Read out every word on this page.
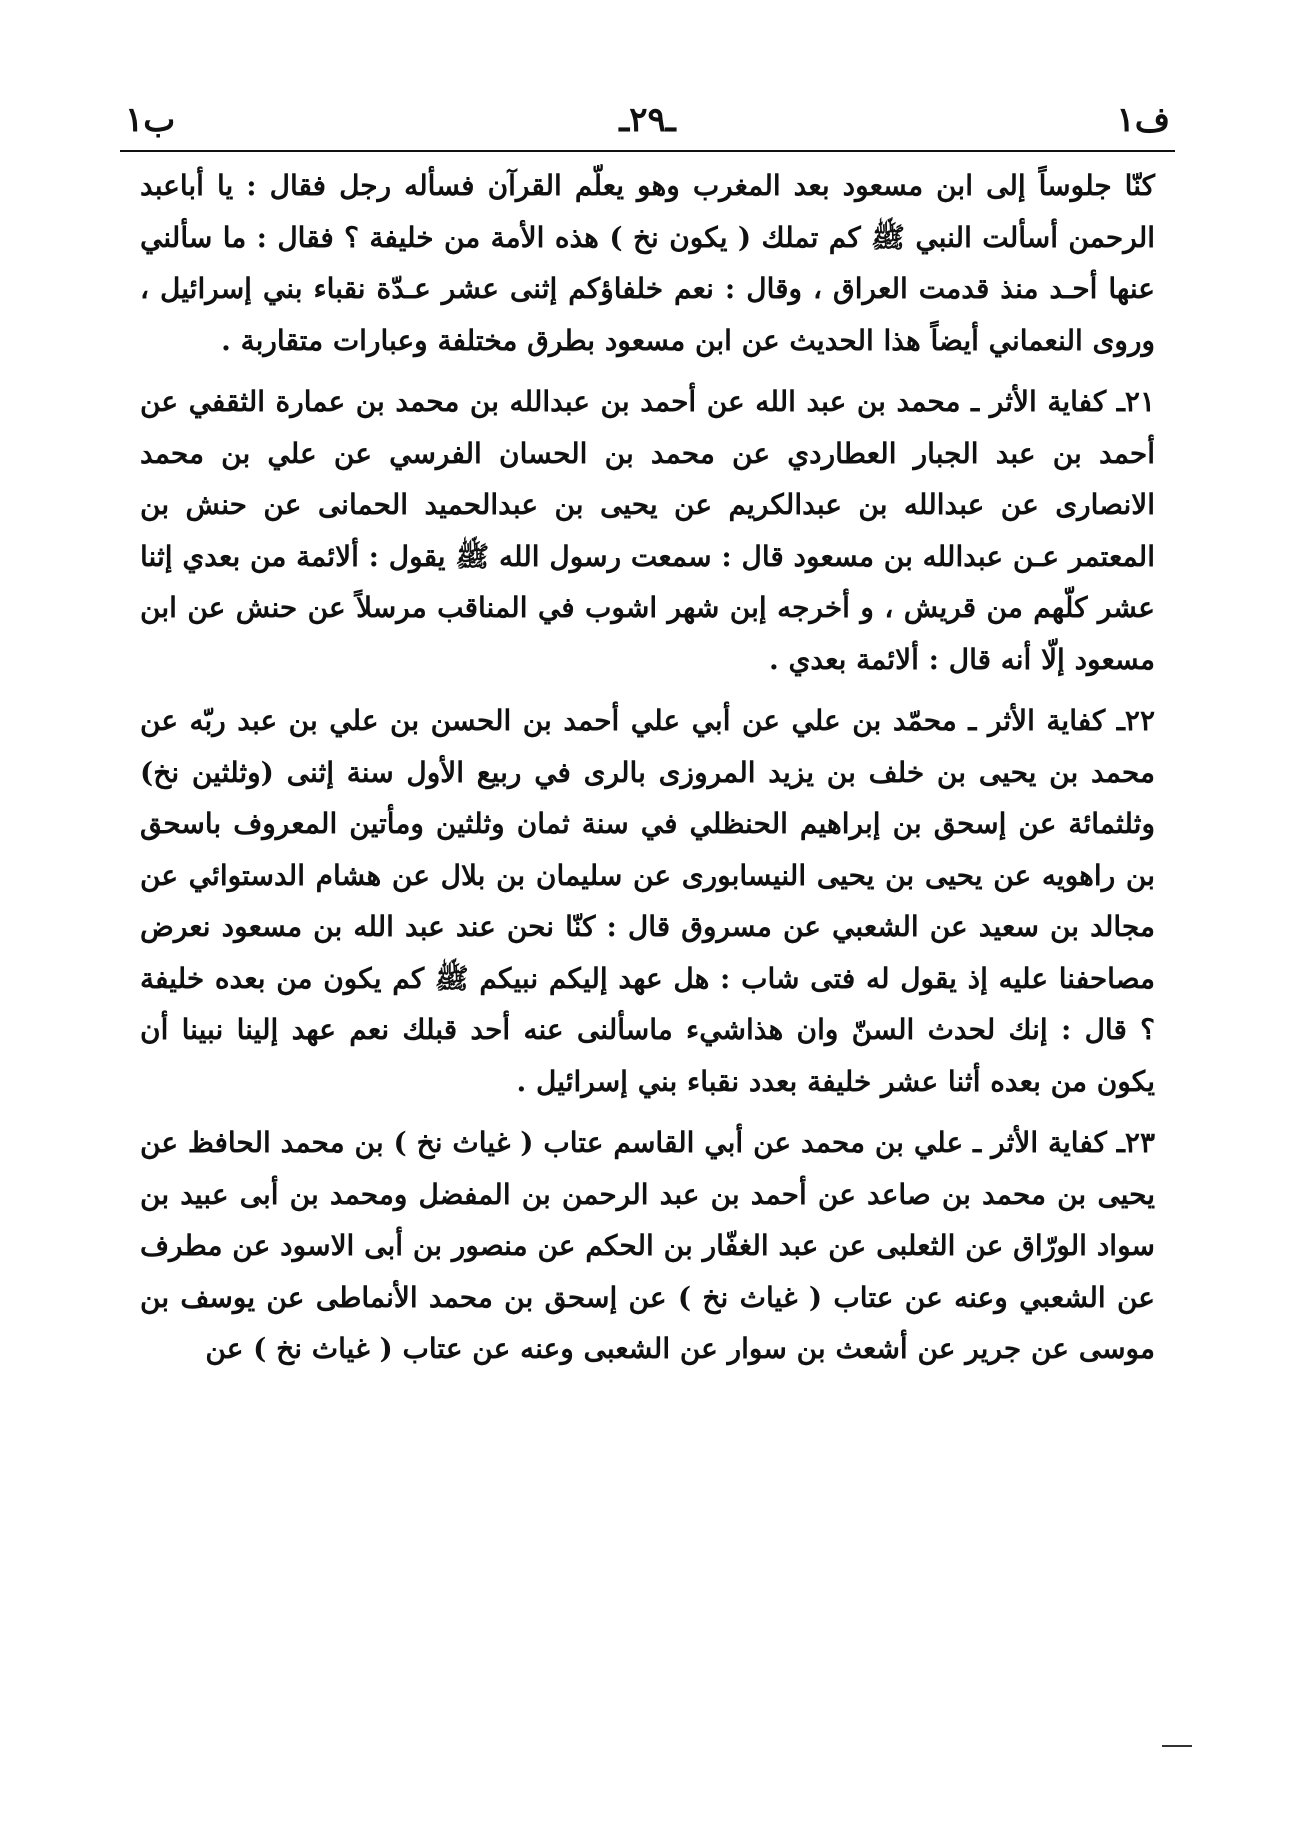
ـ٢٩ـ	ف١
ب١

كنّا جلوساً إلى ابن مسعود بعد المغرب وهو يعلّم القرآن فسأله رجل فقال : يا أباعبد الرحمن أسألت النبي ﷺ كم تملك ( يكون نخ ) هذه الأمة من خليفة ؟ فقال : ما سألني عنها أحـد منذ قدمت العراق ، وقال : نعم خلفاؤكم إثنى عشر عـدّة نقباء بني إسرائيل ، وروى النعماني أيضاً هذا الحديث عن ابن مسعود بطرق مختلفة وعبارات متقاربة .

٢١ـ كفاية الأثر ـ محمد بن عبد الله عن أحمد بن عبدالله بن محمد بن عمارة الثقفي عن أحمد بن عبد الجبار العطاردي عن محمد بن الحسان الفرسي عن علي بن محمد الانصارى عن عبدالله بن عبدالكريم عن يحيى بن عبدالحميد الحمانى عن حنش بن المعتمر عـن عبدالله بن مسعود قال : سمعت رسول الله ﷺ يقول : ألائمة من بعدي إثنا عشر كلّهم من قريش ، و أخرجه إبن شهر اشوب في المناقب مرسلاً عن حنش عن ابن مسعود إلّا أنه قال : ألائمة بعدي .

٢٢ـ كفاية الأثر ـ محمّد بن علي عن أبي علي أحمد بن الحسن بن علي بن عبد ربّه عن محمد بن يحيى بن خلف بن يزيد المروزى بالرى في ربيع الأول سنة إثنى (وثلثين نخ) وثلثمائة عن إسحق بن إبراهيم الحنظلي في سنة ثمان وثلثين ومأتين المعروف باسحق بن راهويه عن يحيى بن يحيى النيسابورى عن سليمان بن بلال عن هشام الدستوائي عن مجالد بن سعيد عن الشعبي عن مسروق قال : كنّا نحن عند عبد الله بن مسعود نعرض مصاحفنا عليه إذ يقول له فتى شاب : هل عهد إليكم نبيكم ﷺ كم يكون من بعده خليفة ؟ قال : إنك لحدث السنّ وان هذاشيء ماسألنى عنه أحد قبلك نعم عهد إلينا نبينا أن يكون من بعده أثنا عشر خليفة بعدد نقباء بني إسرائيل .

٢٣ـ كفاية الأثر ـ علي بن محمد عن أبي القاسم عتاب ( غياث نخ ) بن محمد الحافظ عن يحيى بن محمد بن صاعد عن أحمد بن عبد الرحمن بن المفضل ومحمد بن أبى عبيد بن سواد الورّاق عن الثعلبى عن عبد الغفّار بن الحكم عن منصور بن أبى الاسود عن مطرف عن الشعبي وعنه عن عتاب ( غياث نخ ) عن إسحق بن محمد الأنماطى عن يوسف بن موسى عن جرير عن أشعث بن سوار عن الشعبى وعنه عن عتاب ( غياث نخ ) عن
